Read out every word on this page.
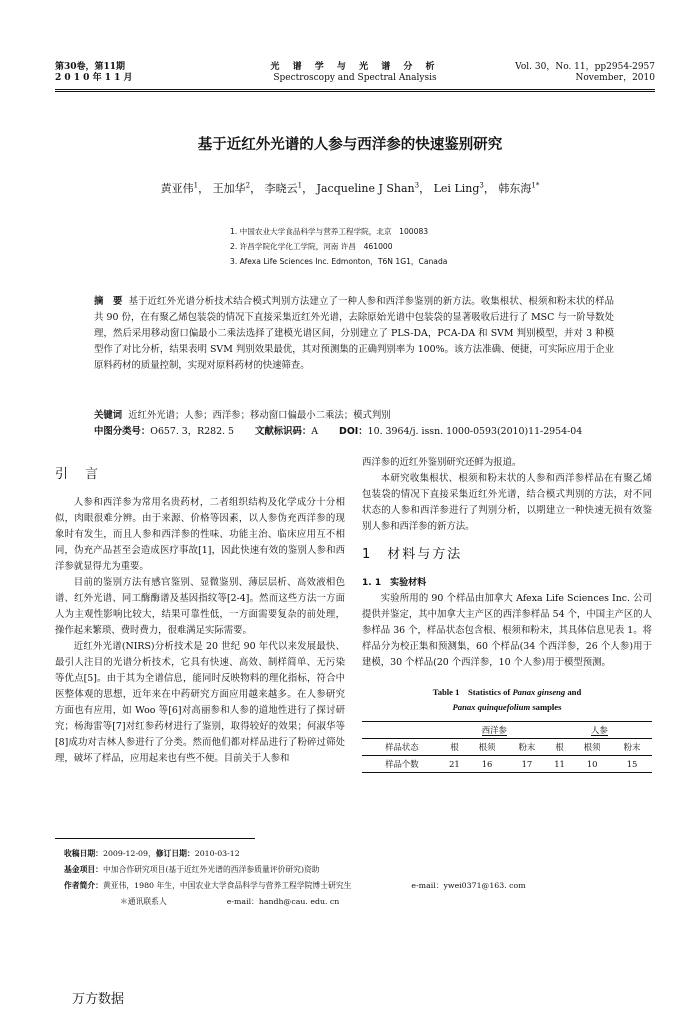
第30卷，第11期
2 0 1 0 年 1 1 月
光 谱 学 与 光 谱 分 析
Spectroscopy and Spectral Analysis
Vol. 30，No. 11，pp2954-2957
November，2010
基于近红外光谱的人参与西洋参的快速鉴别研究
黄亚伟$^1$， 王加华$^2$， 李晓云$^1$， Jacqueline J Shan$^3$， Lei Ling$^3$， 韩东海$^{1*}$
1. 中国农业大学食品科学与营养工程学院，北京　100083
2. 许昌学院化学化工学院，河南 许昌　461000
3. Afexa Life Sciences Inc. Edmonton，T6N 1G1，Canada
摘　要 基于近红外光谱分析技术结合模式判别方法建立了一种人参和西洋参鉴别的新方法。收集根状、根须和粉末状的样品共 90 份，在有聚乙烯包装袋的情况下直接采集近红外光谱，去除原始光谱中包装袋的显著吸收后进行了 MSC 与一阶导数处理，然后采用移动窗口偏最小二乘法选择了建模光谱区间，分别建立了 PLS-DA，PCA-DA 和 SVM 判别模型，并对 3 种模型作了对比分析，结果表明 SVM 判别效果最优，其对预测集的正确判别率为 100%。该方法准确、便捷，可实际应用于企业原料药材的质量控制，实现对原料药材的快速筛查。
关键词 近红外光谱；人参；西洋参；移动窗口偏最小二乘法；模式判别
中图分类号：O657. 3，R282. 5 文献标识码：A DOI：10. 3964/j. issn. 1000-0593(2010)11-2954-04
引　言

人参和西洋参为常用名贵药材，二者组织结构及化学成分十分相似，肉眼很难分辨。由于来源、价格等因素，以人参伪充西洋参的现象时有发生，而且人参和西洋参的性味、功能主治、临床应用互不相同，伪充产品甚至会造成医疗事故[1]，因此快速有效的鉴别人参和西洋参就显得尤为重要。

目前的鉴别方法有感官鉴别、显微鉴别、薄层层析、高效液相色谱、红外光谱、同工酶酶谱及基因指纹等[2-4]。然而这些方法一方面人为主观性影响比较大，结果可靠性低，一方面需要复杂的前处理，操作起来繁琐、费时费力，很难满足实际需要。

近红外光谱(NIRS)分析技术是 20 世纪 90 年代以来发展最快、最引人注目的光谱分析技术，它具有快速、高效、制样简单、无污染等优点[5]。由于其为全谱信息，能同时反映物料的理化指标，符合中医整体观的思想，近年来在中药研究方面应用越来越多。在人参研究方面也有应用，如 Woo 等[6]对高丽参和人参的道地性进行了探讨研究；杨海雷等[7]对红参药材进行了鉴别，取得较好的效果；何淑华等[8]成功对吉林人参进行了分类。然而他们都对样品进行了粉碎过筛处理，破坏了样品，应用起来也有些不便。目前关于人参和

西洋参的近红外鉴别研究还鲜为报道。

本研究收集根状、根须和粉末状的人参和西洋参样品在有聚乙烯包装袋的情况下直接采集近红外光谱，结合模式判别的方法，对不同状态的人参和西洋参进行了判别分析，以期建立一种快速无损有效鉴别人参和西洋参的新方法。

1　材料与方法
1. 1　实验材料

实验所用的 90 个样品由加拿大 Afexa Life Sciences Inc. 公司提供并鉴定，其中加拿大主产区的西洋参样品 54 个，中国主产区的人参样品 36 个，样品状态包含根、根须和粉末，其具体信息见表 1。将样品分为校正集和预测集，60 个样品(34 个西洋参，26 个人参)用于建模，30 个样品(20 个西洋参，10 个人参)用于模型预测。

Table 1　 Statistics of Panax ginseng and
Panax quinquefolium samples
	西洋参			人参		
样品状态	根	根须	粉末	根	根须	粉末
样品个数	21	16	17	11	10	15
收稿日期：2009-12-09，修订日期：2010-03-12
基金项目：中加合作研究项目(基于近红外光谱的西洋参质量评价研究)资助
作者简介：黄亚伟，1980 年生，中国农业大学食品科学与营养工程学院博士研究生	e-mail：ywei0371@163. com
＊通讯联系人	e-mail：handh@cau. edu. cn
万方数据
